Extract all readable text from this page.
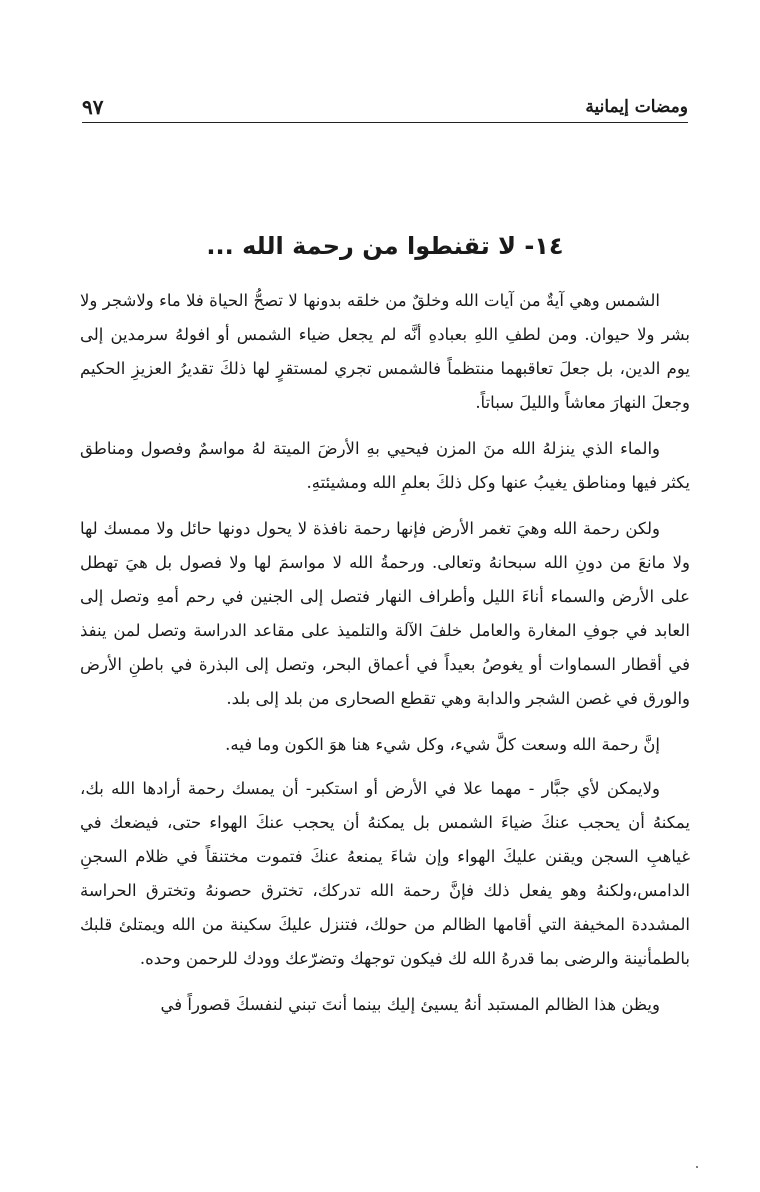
ومضات إيمانية
٩٧
١٤- لا تقنطوا من رحمة الله ...

الشمس وهي آيةٌ من آيات الله وخلقٌ من خلقه بدونها لا تصحُّ الحياة فلا ماء ولاشجر ولا بشر ولا حيوان. ومن لطفِ اللهِ بعبادهِ أنَّه لم يجعل ضياء الشمس أو افولهُ سرمدين إلى يوم الدين، بل جعلَ تعاقبهما منتظماً فالشمس تجري لمستقرٍ لها ذلكَ تقديرُ العزيزِ الحكيم وجعلَ النهارَ معاشاً والليلَ سباتاً.

والماء الذي ينزلهُ الله منَ المزن فيحيي بهِ الأرضَ الميتة لهُ مواسمٌ وفصول ومناطق يكثر فيها ومناطق يغيبُ عنها وكل ذلكَ بعلمِ الله ومشيئتهِ.

ولكن رحمة الله وهيَ تغمر الأرض فإنها رحمة نافذة لا يحول دونها حائل ولا ممسك لها ولا مانعَ من دونِ الله سبحانهُ وتعالى. ورحمةُ الله لا مواسمَ لها ولا فصول بل هيَ تهطل على الأرض والسماء أناءَ الليل وأطراف النهار فتصل إلى الجنين في رحم أمهِ وتصل إلى العابد في جوفِ المغارة والعامل خلفَ الآلة والتلميذ على مقاعد الدراسة وتصل لمن ينفذ في أقطار السماوات أو يغوصُ بعيداً في أعماق البحر، وتصل إلى البذرة في باطنِ الأرض والورق في غصن الشجر والدابة وهي تقطع الصحارى من بلد إلى بلد.

إنَّ رحمة الله وسعت كلَّ شيء، وكل شيء هنا هوَ الكون وما فيه.

ولايمكن لأي جبَّار - مهما علا في الأرض أو استكبر- أن يمسك رحمة أرادها الله بك، يمكنهُ أن يحجب عنكَ ضياءَ الشمس بل يمكنهُ أن يحجب عنكَ الهواء حتى، فيضعك في غياهبِ السجن ويقنن عليكَ الهواء وإن شاءَ يمنعهُ عنكَ فتموت مختنقاً في ظلام السجنِ الدامس،ولكنهُ وهو يفعل ذلك فإنَّ رحمة الله تدركك، تخترق حصونهُ وتخترق الحراسة المشددة المخيفة التي أقامها الظالم من حولك، فتنزل عليكَ سكينة من الله ويمتلئ قلبك بالطمأنينة والرضى بما قدرهُ الله لك فيكون توجهك وتضرّعك وودك للرحمن وحده.

ويظن هذا الظالم المستبد أنهُ يسيئ إليك بينما أنتَ تبني لنفسكَ قصوراً في
